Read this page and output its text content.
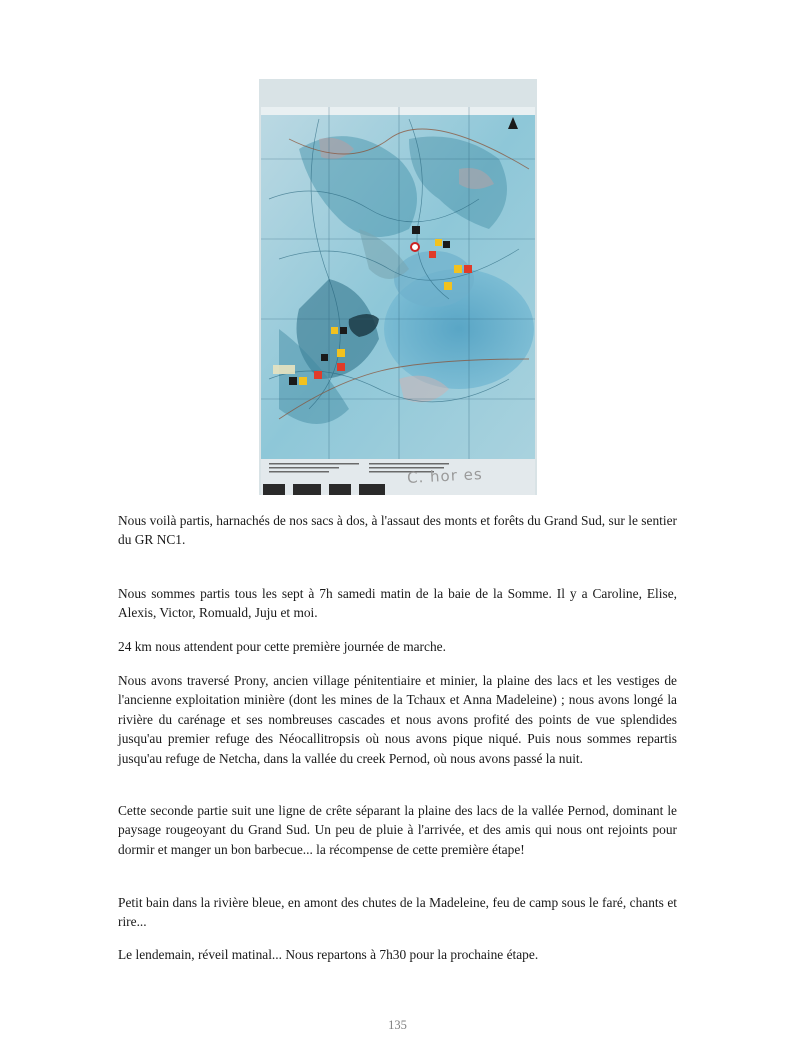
C. hor es

Nous voilà partis, harnachés de nos sacs à dos, à l'assaut des monts et forêts du Grand Sud, sur le sentier du GR NC1.

Nous sommes partis tous les sept à 7h samedi matin de la baie de la Somme. Il y a Caroline, Elise, Alexis, Victor, Romuald, Juju et moi.

24 km nous attendent pour cette première journée de marche.

Nous avons traversé Prony, ancien village pénitentiaire et minier, la plaine des lacs et les vestiges de l'ancienne exploitation minière (dont les mines de la Tchaux et Anna Madeleine) ; nous avons longé la rivière du carénage et ses nombreuses cascades et nous avons profité des points de vue splendides jusqu'au premier refuge des Néocallitropsis où nous avons pique niqué. Puis nous sommes repartis jusqu'au refuge de Netcha, dans la vallée du creek Pernod, où nous avons passé la nuit.

Cette seconde partie suit une ligne de crête séparant la plaine des lacs de la vallée Pernod, dominant le paysage rougeoyant du Grand Sud. Un peu de pluie à l'arrivée, et des amis qui nous ont rejoints pour dormir et manger un bon barbecue... la récompense de cette première étape!

Petit bain dans la rivière bleue, en amont des chutes de la Madeleine, feu de camp sous le faré, chants et rire...

Le lendemain, réveil matinal... Nous repartons à 7h30 pour la prochaine étape.

135
